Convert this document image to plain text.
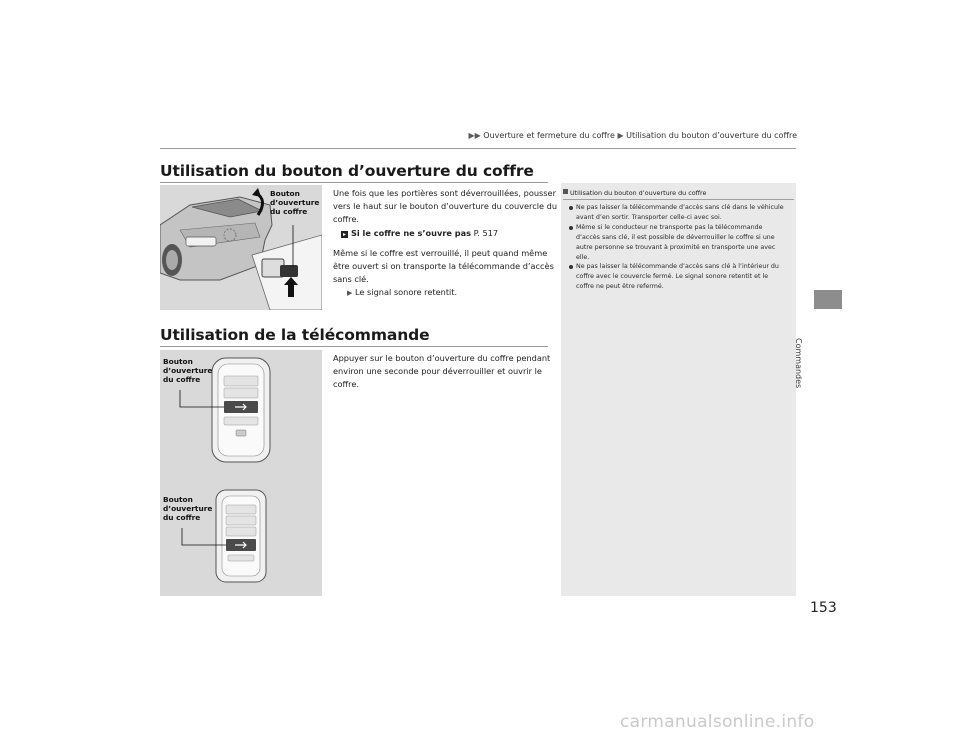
▶▶ Ouverture et fermeture du coffre ▶ Utilisation du bouton d’ouverture du coffre
Utilisation du bouton d’ouverture du coffre
Bouton d’ouverture du coffre

Une fois que les portières sont déverrouillées, pousser vers le haut sur le bouton d’ouverture du couvercle du coffre.

▸ Si le coffre ne s’ouvre pas P. 517

Même si le coffre est verrouillé, il peut quand même être ouvert si on transporte la télécommande d’accès sans clé.

▶ Le signal sonore retentit.

Utilisation de la télécommande
Bouton d’ouverture du coffre
Bouton d’ouverture du coffre

Appuyer sur le bouton d’ouverture du coffre pendant environ une seconde pour déverrouiller et ouvrir le coffre.

Utilisation du bouton d’ouverture du coffre
Ne pas laisser la télécommande d’accès sans clé dans le véhicule avant d’en sortir. Transporter celle-ci avec soi.
Même si le conducteur ne transporte pas la télécommande d’accès sans clé, il est possible de déverrouiller le coffre si une autre personne se trouvant à proximité en transporte une avec elle.
Ne pas laisser la télécommande d’accès sans clé à l’intérieur du coffre avec le couvercle fermé. Le signal sonore retentit et le coffre ne peut être refermé.
Commandes
153
carmanualsonline.info
